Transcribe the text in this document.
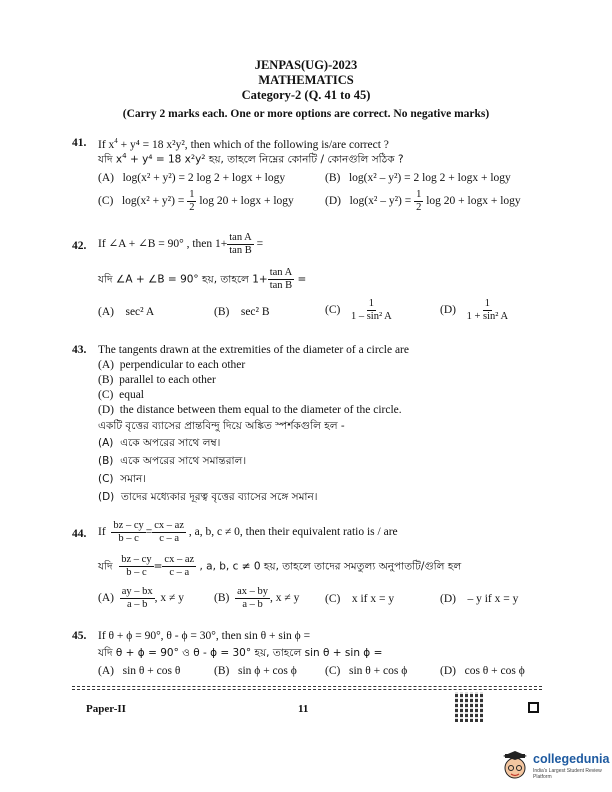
JENPAS(UG)-2023
MATHEMATICS
Category-2 (Q. 41 to 45)
(Carry 2 marks each. One or more options are correct. No negative marks)
41. If $x^4 + y^4 = 18$ x²y², then which of the following is/are correct ?
যদি $x^4 + y^4 = 18$ x²y² হয়, তাহলে নিম্নের কোনটি / কোনগুলি সঠিক ?
(A) log(x² + y²) = 2 log 2 + logx + logy	(B) log(x² – y²) = 2 log 2 + logx + logy
(C) $\log(x^2 + y^2) = \frac{1}{2}$ log 20 + logx + logy	(D) $\log(x^2 - y^2) = \frac{1}{2}$ log 20 + logx + logy
42. If ∠A + ∠B = 90° , then $1+ \frac{\text{tan A}}{\text{tan B}}$ =
যদি ∠A + ∠B = 90° হয়, তাহলে $1+ \frac{\text{tan A}}{\text{tan B}}$ =
(A) sec² A	(B) sec² B	$(C) \frac{1}{\text{1 – sin² A}}$	$(D) \frac{1}{\text{1 + sin² A}}$
43. The tangents drawn at the extremities of the diameter of a circle are
(A) perpendicular to each other
(B) parallel to each other
(C) equal
(D) the distance between them equal to the diameter of the circle.
একটি বৃত্তের ব্যাসের প্রান্তবিন্দু দিয়ে অঙ্কিত স্পর্শকগুলি হল -
(A) একে অপরের সাথে লম্ব।
(B) একে অপরের সাথে সমান্তরাল।
(C) সমান।
(D) তাদের মধ্যেকার দূরত্ব বৃত্তের ব্যাসের সঙ্গে সমান।
44. If $\frac{bz - cy}{b - c} = \frac{cx - az}{c - a}$ , a, b, c ≠ 0, then their equivalent ratio is / are
যদি $\frac{bz - cy}{b - c} = \frac{cx - az}{c - a}$ , a, b, c ≠ 0 হয়, তাহলে তাদের সমতুল্য অনুপাতটি/গুলি হল
$(A) \frac{ay - bx}{a - b}$ , x ≠ y	$(B) \frac{ax - by}{a - b}$ , x ≠ y (C) x if x = y	(D) – y if x = y
45. If θ + ϕ = 90°, θ - ϕ = 30°, then sin θ + sin ϕ =
যদি θ + ϕ = 90° ও θ - ϕ = 30° হয়, তাহলে sin θ + sin ϕ =
(A) sin θ + cos θ	(B) sin ϕ + cos ϕ (C) sin θ + cos ϕ	(D) cos θ + cos ϕ
Paper-II	11
collegedunia
India's Largest Student Review Platform
